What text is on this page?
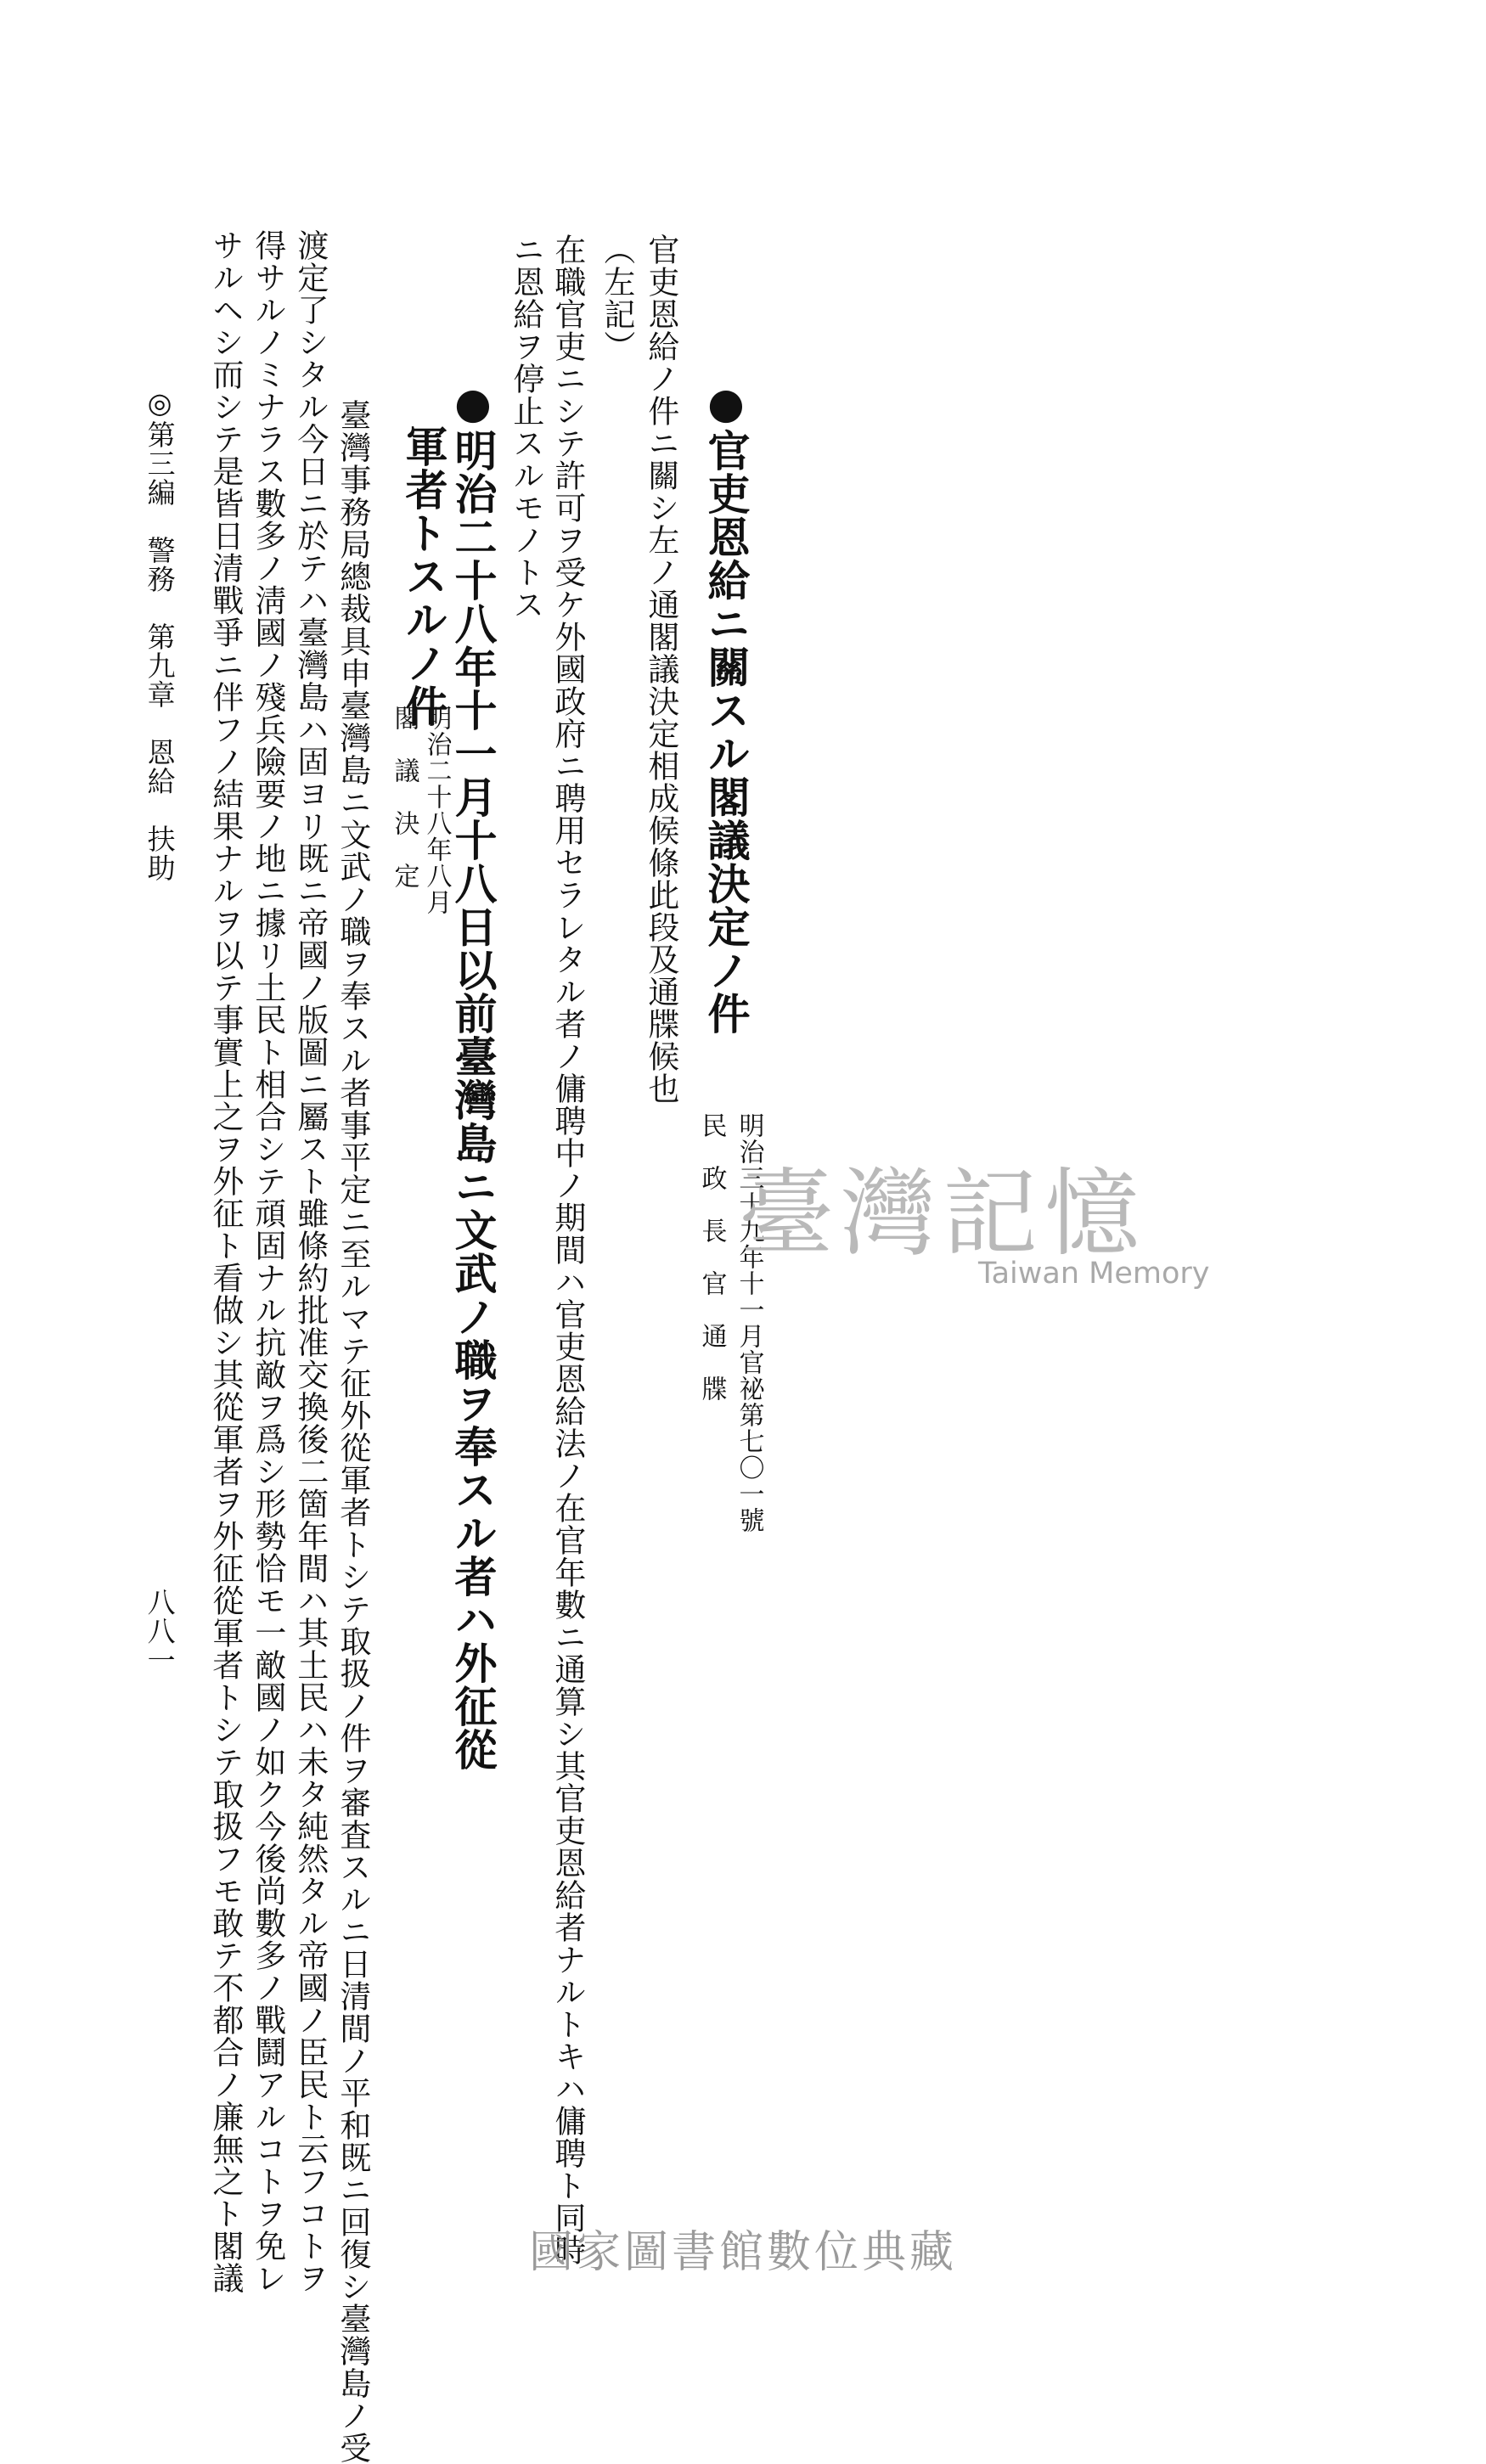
●官吏恩給ニ關スル閣議決定ノ件
明治三十九年十一月官祕第七〇一號
民　政　長　官　通　牒
官吏恩給ノ件ニ關シ左ノ通閣議決定相成候條此段及通牒候也
（左記）
在職官吏ニシテ許可ヲ受ケ外國政府ニ聘用セラレタル者ノ傭聘中ノ期間ハ官吏恩給法ノ在官年數ニ通算シ其官吏恩給者ナルトキハ傭聘ト同時
ニ恩給ヲ停止スルモノトス
●明治二十八年十一月十八日以前臺灣島ニ文武ノ職ヲ奉スル者ハ外征從
軍者トスルノ件
明治二十八年八月
閣　議　決　定
臺灣事務局總裁具申臺灣島ニ文武ノ職ヲ奉スル者事平定ニ至ルマテ征外從軍者トシテ取扱ノ件ヲ審査スルニ日清間ノ平和既ニ回復シ臺灣島ノ受
渡定了シタル今日ニ於テハ臺灣島ハ固ヨリ既ニ帝國ノ版圖ニ屬スト雖條約批准交換後二箇年間ハ其土民ハ未タ純然タル帝國ノ臣民ト云フコトヲ
得サルノミナラス數多ノ淸國ノ殘兵險要ノ地ニ據リ土民ト相合シテ頑固ナル抗敵ヲ爲シ形勢恰モ一敵國ノ如ク今後尚數多ノ戰鬪アルコトヲ免レ
サルヘシ而シテ是皆日清戰爭ニ伴フノ結果ナルヲ以テ事實上之ヲ外征ト看做シ其從軍者ヲ外征從軍者トシテ取扱フモ敢テ不都合ノ廉無之ト閣議
◎第三編　警務　第九章　恩給　扶助
八八一
臺灣記憶
Taiwan Memory
國家圖書館數位典藏
